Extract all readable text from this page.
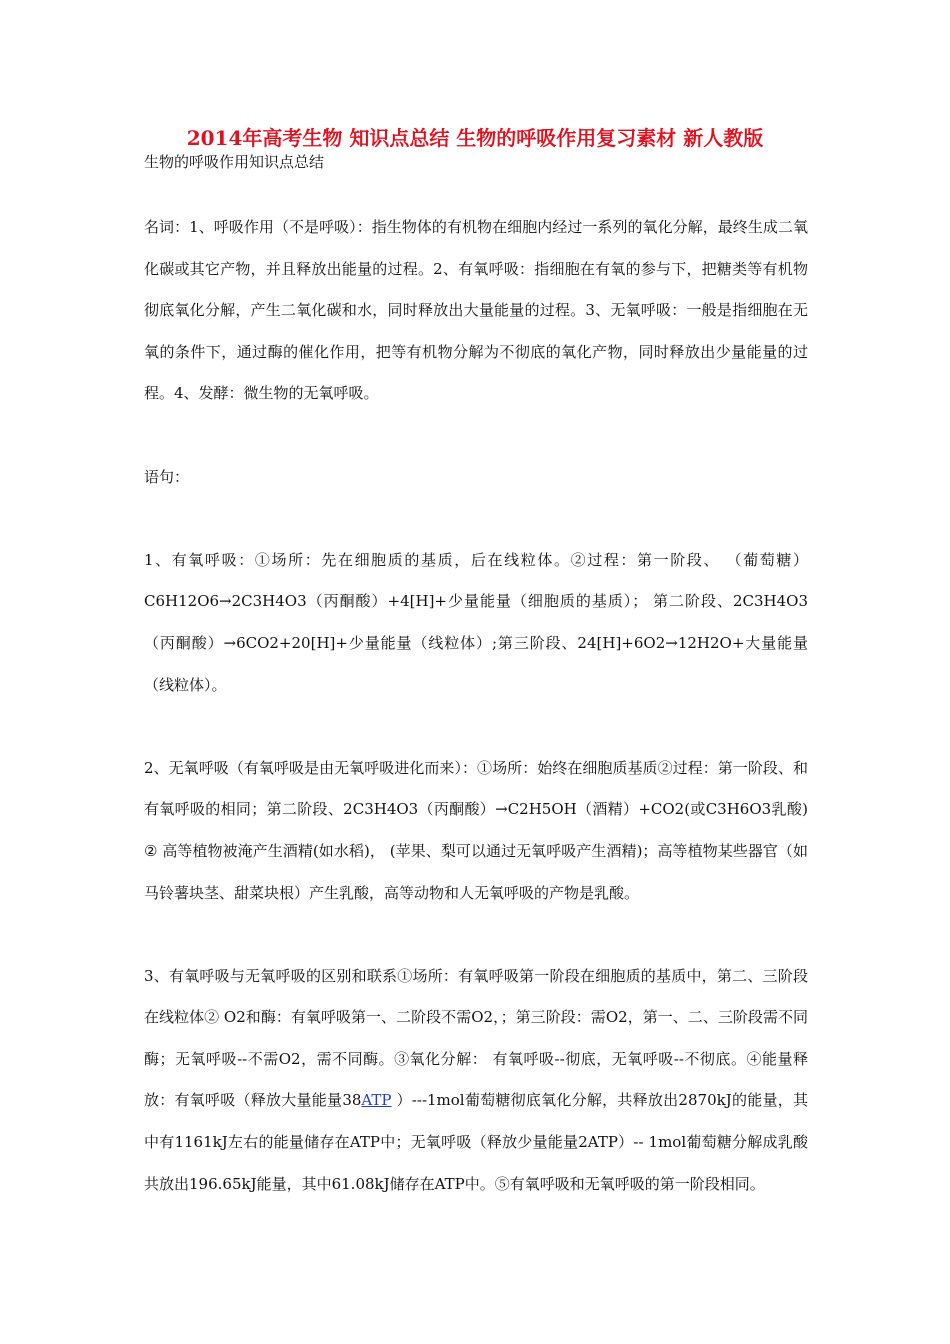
2014年高考生物 知识点总结 生物的呼吸作用复习素材 新人教版
生物的呼吸作用知识点总结

名词：1、呼吸作用（不是呼吸）：指生物体的有机物在细胞内经过一系列的氧化分解，最终生成二氧化碳或其它产物，并且释放出能量的过程。2、有氧呼吸：指细胞在有氧的参与下，把糖类等有机物彻底氧化分解，产生二氧化碳和水，同时释放出大量能量的过程。3、无氧呼吸：一般是指细胞在无氧的条件下，通过酶的催化作用，把等有机物分解为不彻底的氧化产物，同时释放出少量能量的过程。4、发酵：微生物的无氧呼吸。

语句：

1、有氧呼吸：①场所：先在细胞质的基质，后在线粒体。②过程：第一阶段、 （葡萄糖）C6H12O6→2C3H4O3（丙酮酸）+4[H]+少量能量（细胞质的基质）； 第二阶段、2C3H4O3（丙酮酸）→6CO2+20[H]+少量能量（线粒体）;第三阶段、24[H]+6O2→12H2O+大量能量（线粒体）。

2、无氧呼吸（有氧呼吸是由无氧呼吸进化而来）：①场所：始终在细胞质基质②过程：第一阶段、和有氧呼吸的相同；第二阶段、2C3H4O3（丙酮酸）→C2H5OH（酒精）+CO2(或C3H6O3乳酸) ② 高等植物被淹产生酒精(如水稻)， (苹果、梨可以通过无氧呼吸产生酒精)；高等植物某些器官（如马铃薯块茎、甜菜块根）产生乳酸，高等动物和人无氧呼吸的产物是乳酸。

3、有氧呼吸与无氧呼吸的区别和联系①场所：有氧呼吸第一阶段在细胞质的基质中，第二、三阶段在线粒体② O2和酶：有氧呼吸第一、二阶段不需O2，；第三阶段：需O2，第一、二、三阶段需不同酶；无氧呼吸--不需O2，需不同酶。③氧化分解： 有氧呼吸--彻底，无氧呼吸--不彻底。④能量释放：有氧呼吸（释放大量能量38ATP ）---1mol葡萄糖彻底氧化分解，共释放出2870kJ的能量，其中有1161kJ左右的能量储存在ATP中；无氧呼吸（释放少量能量2ATP）-- 1mol葡萄糖分解成乳酸共放出196.65kJ能量，其中61.08kJ储存在ATP中。⑤有氧呼吸和无氧呼吸的第一阶段相同。
